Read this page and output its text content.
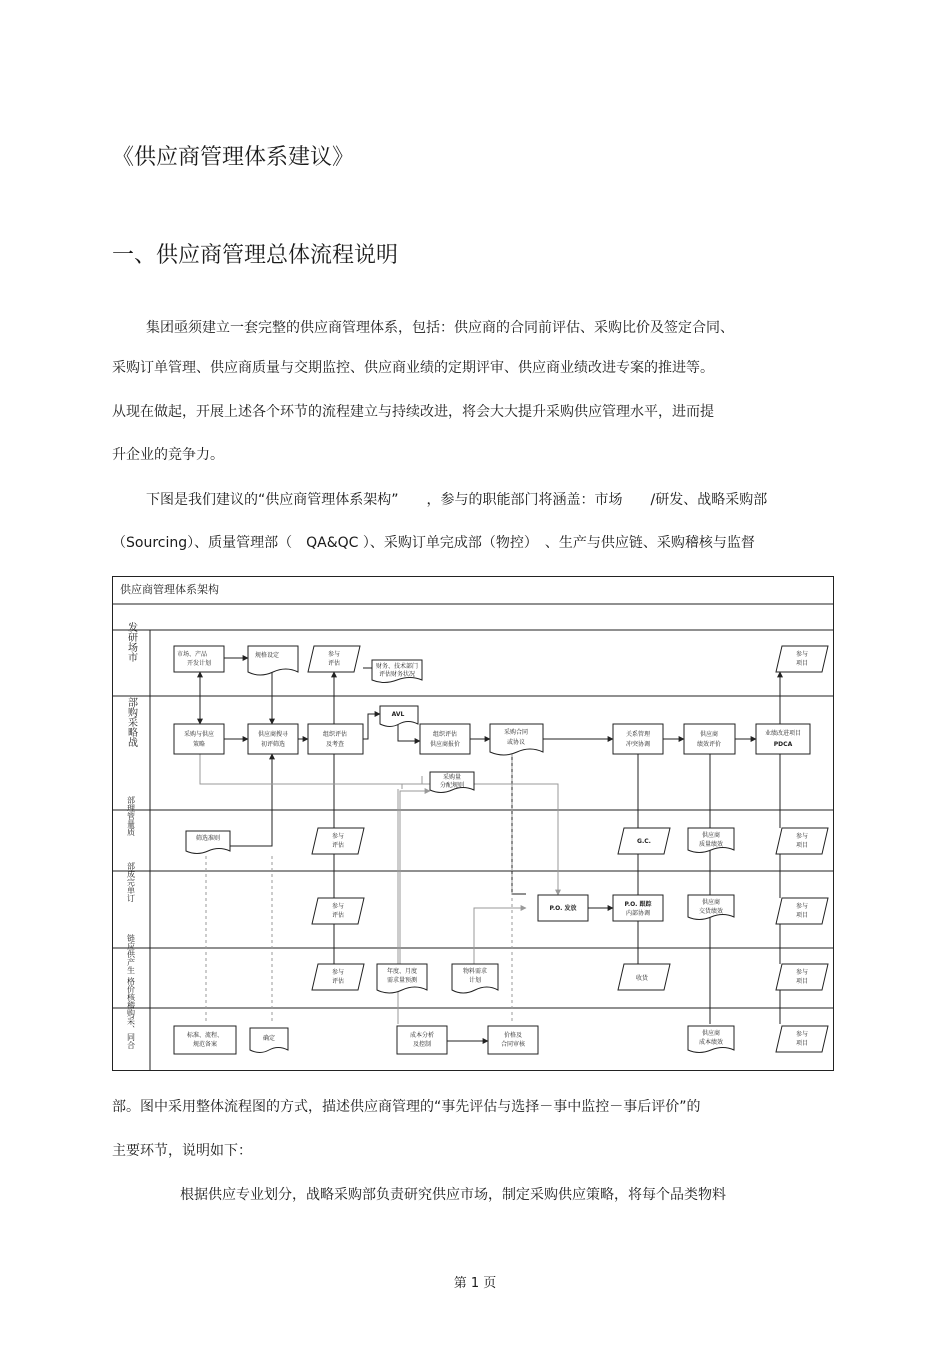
《供应商管理体系建议》
一、供应商管理总体流程说明
集团亟须建立一套完整的供应商管理体系，包括：供应商的合同前评估、采购比价及签定合同、
采购订单管理、供应商质量与交期监控、供应商业绩的定期评审、供应商业绩改进专案的推进等。
从现在做起，开展上述各个环节的流程建立与持续改进，将会大大提升采购供应管理水平，进而提
升企业的竞争力。
下图是我们建议的“供应商管理体系架构”　　，参与的职能部门将涵盖：市场　　/研发、战略采购部
（Sourcing）、质量管理部（　QA&QC ）、采购订单完成部（物控）　、生产与供应链、采购稽核与监督
供应商管理体系架构
发研场市
部购采略战
部理管量质
部成完单订
链应供产生
格价核稽购采、同合
市场、产品开发计划
规格设定	参与评估	财务、技术部门评估财务状况
参与项目
采购与供应策略
供应商搜寻初评筛选
组织评估及考查
AVL
组织评估供应商报价
采购合同或协议
关系管理冲突协调
供应商绩效评价
业绩改进项目
PDCA
采购量分配规则
筛选准则	参与评估
G.C.
供应商质量绩效
参与项目
参与评估
P.O. 发放
P.O. 跟踪内部协调
供应商交货绩效
参与项目
参与评估
年度、月度需求量预测
物料需求计划	收货
参与项目
标准、流程、规范备案
确定	成本分析及控制
价格及合同审核
供应商成本绩效
参与项目
部。图中采用整体流程图的方式，描述供应商管理的“事先评估与选择－事中监控－事后评价”的
主要环节，说明如下：
根据供应专业划分，战略采购部负责研究供应市场，制定采购供应策略，将每个品类物料
第 1 页
